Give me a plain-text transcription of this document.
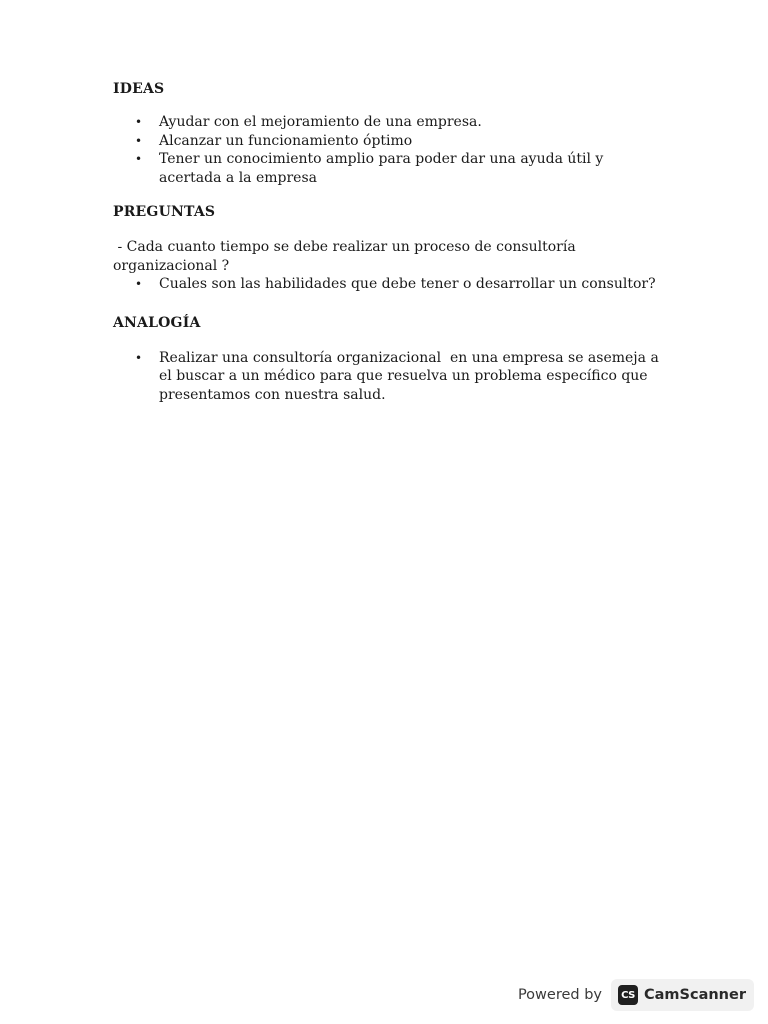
IDEAS
• Ayudar con el mejoramiento de una empresa.
• Alcanzar un funcionamiento óptimo
• Tener un conocimiento amplio para poder dar una ayuda útil y acertada a la empresa
PREGUNTAS

- Cada cuanto tiempo se debe realizar un proceso de consultoría organizacional ?

• Cuales son las habilidades que debe tener o desarrollar un consultor?
ANALOGÍA
• Realizar una consultoría organizacional  en una empresa se asemeja a el buscar a un médico para que resuelva un problema específico que presentamos con nuestra salud.
Powered by	CS CamScanner
